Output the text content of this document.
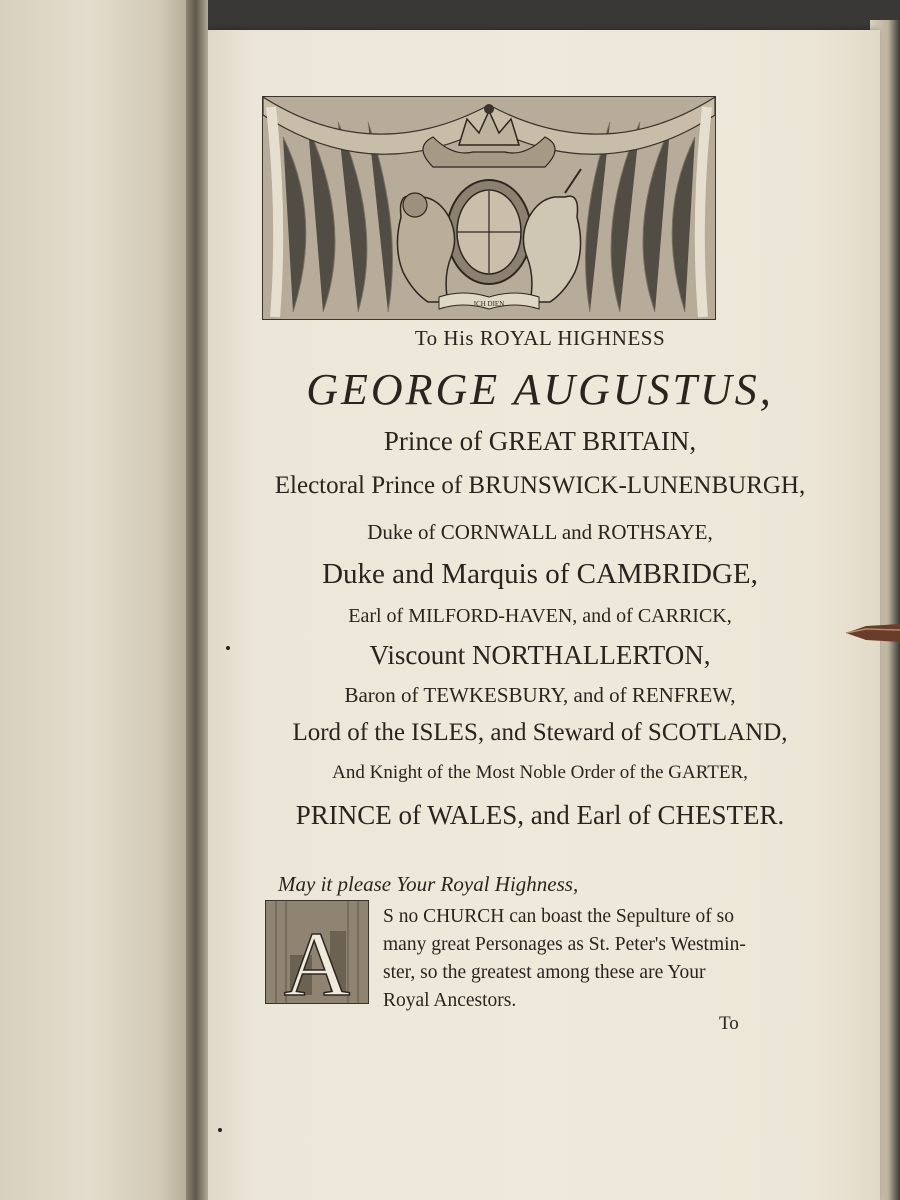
ICH DIEN
To His ROYAL HIGHNESS
GEORGE AUGUSTUS,
Prince of GREAT BRITAIN,
Electoral Prince of BRUNSWICK-LUNENBURGH,
Duke of CORNWALL and ROTHSAYE,
Duke and Marquis of CAMBRIDGE,
Earl of MILFORD-HAVEN, and of CARRICK,
Viscount NORTHALLERTON,
Baron of TEWKESBURY, and of RENFREW,
Lord of the ISLES, and Steward of SCOTLAND,
And Knight of the Most Noble Order of the GARTER,
PRINCE of WALES, and Earl of CHESTER.
May it please Your Royal Highness,
A S no CHURCH can boast the Sepulture of so
many great Personages as St. Peter's Westmin-
ster, so the greatest among these are Your
Royal Ancestors.
To
